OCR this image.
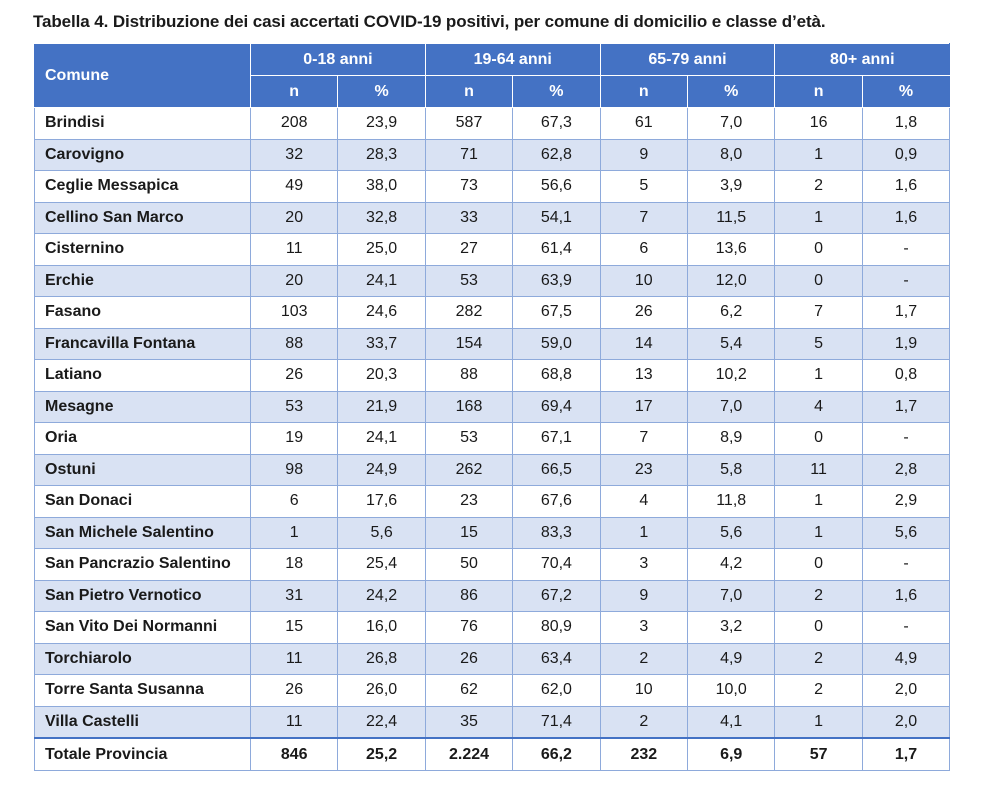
Tabella 4. Distribuzione dei casi accertati COVID-19 positivi, per comune di domicilio e classe d’età.
Comune	0-18 anni		19-64 anni		65-79 anni		80+ anni	
	n	%	n	%	n	%	n	%
Brindisi	208	23,9	587	67,3	61	7,0	16	1,8
Carovigno	32	28,3	71	62,8	9	8,0	1	0,9
Ceglie Messapica	49	38,0	73	56,6	5	3,9	2	1,6
Cellino San Marco	20	32,8	33	54,1	7	11,5	1	1,6
Cisternino	11	25,0	27	61,4	6	13,6	0	-
Erchie	20	24,1	53	63,9	10	12,0	0	-
Fasano	103	24,6	282	67,5	26	6,2	7	1,7
Francavilla Fontana	88	33,7	154	59,0	14	5,4	5	1,9
Latiano	26	20,3	88	68,8	13	10,2	1	0,8
Mesagne	53	21,9	168	69,4	17	7,0	4	1,7
Oria	19	24,1	53	67,1	7	8,9	0	-
Ostuni	98	24,9	262	66,5	23	5,8	11	2,8
San Donaci	6	17,6	23	67,6	4	11,8	1	2,9
San Michele Salentino	1	5,6	15	83,3	1	5,6	1	5,6
San Pancrazio Salentino	18	25,4	50	70,4	3	4,2	0	-
San Pietro Vernotico	31	24,2	86	67,2	9	7,0	2	1,6
San Vito Dei Normanni	15	16,0	76	80,9	3	3,2	0	-
Torchiarolo	11	26,8	26	63,4	2	4,9	2	4,9
Torre Santa Susanna	26	26,0	62	62,0	10	10,0	2	2,0
Villa Castelli	11	22,4	35	71,4	2	4,1	1	2,0
Totale Provincia	846	25,2	2.224	66,2	232	6,9	57	1,7
